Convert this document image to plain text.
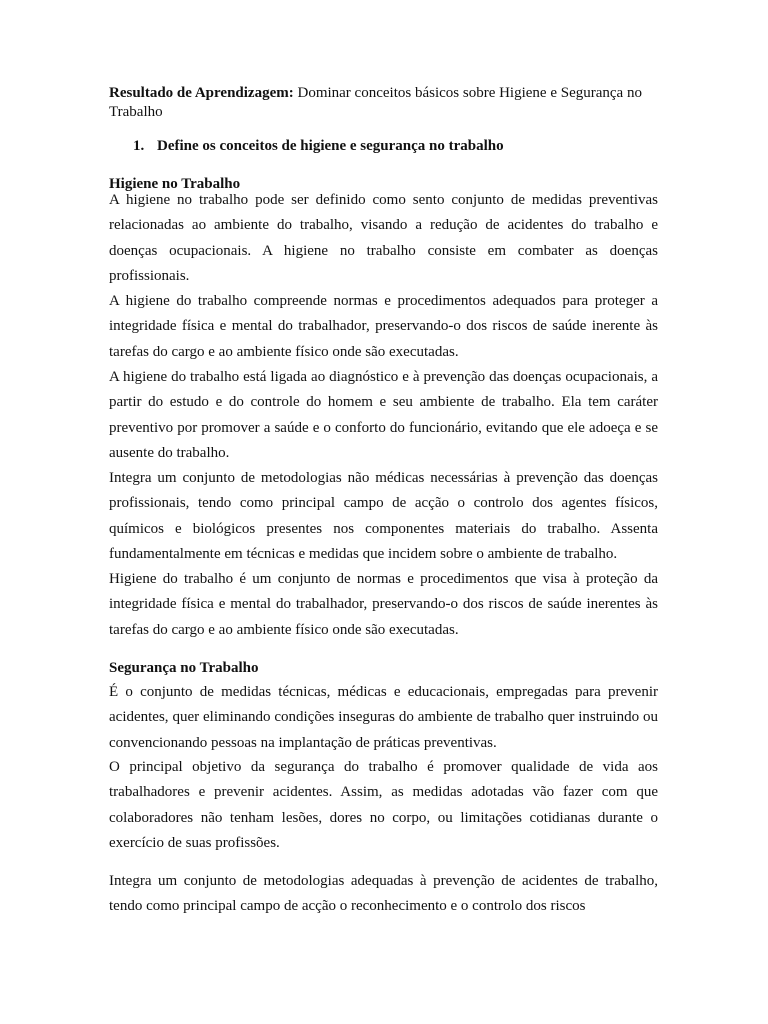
Resultado de Aprendizagem: Dominar conceitos básicos sobre Higiene e Segurança no Trabalho

1. Define os conceitos de higiene e segurança no trabalho

Higiene no Trabalho

A higiene no trabalho pode ser definido como sento conjunto de medidas preventivas relacionadas ao ambiente do trabalho, visando a redução de acidentes do trabalho e doenças ocupacionais. A higiene no trabalho consiste em combater as doenças profissionais.

A higiene do trabalho compreende normas e procedimentos adequados para proteger a integridade física e mental do trabalhador, preservando-o dos riscos de saúde inerente às tarefas do cargo e ao ambiente físico onde são executadas.

A higiene do trabalho está ligada ao diagnóstico e à prevenção das doenças ocupacionais, a partir do estudo e do controle do homem e seu ambiente de trabalho. Ela tem caráter preventivo por promover a saúde e o conforto do funcionário, evitando que ele adoeça e se ausente do trabalho.

Integra um conjunto de metodologias não médicas necessárias à prevenção das doenças profissionais, tendo como principal campo de acção o controlo dos agentes físicos, químicos e biológicos presentes nos componentes materiais do trabalho. Assenta fundamentalmente em técnicas e medidas que incidem sobre o ambiente de trabalho.

Higiene do trabalho é um conjunto de normas e procedimentos que visa à proteção da integridade física e mental do trabalhador, preservando-o dos riscos de saúde inerentes às tarefas do cargo e ao ambiente físico onde são executadas.

Segurança no Trabalho

É o conjunto de medidas técnicas, médicas e educacionais, empregadas para prevenir acidentes, quer eliminando condições inseguras do ambiente de trabalho quer instruindo ou convencionando pessoas na implantação de práticas preventivas.

O principal objetivo da segurança do trabalho é promover qualidade de vida aos trabalhadores e prevenir acidentes. Assim, as medidas adotadas vão fazer com que colaboradores não tenham lesões, dores no corpo, ou limitações cotidianas durante o exercício de suas profissões.

Integra um conjunto de metodologias adequadas à prevenção de acidentes de trabalho, tendo como principal campo de acção o reconhecimento e o controlo dos riscos
